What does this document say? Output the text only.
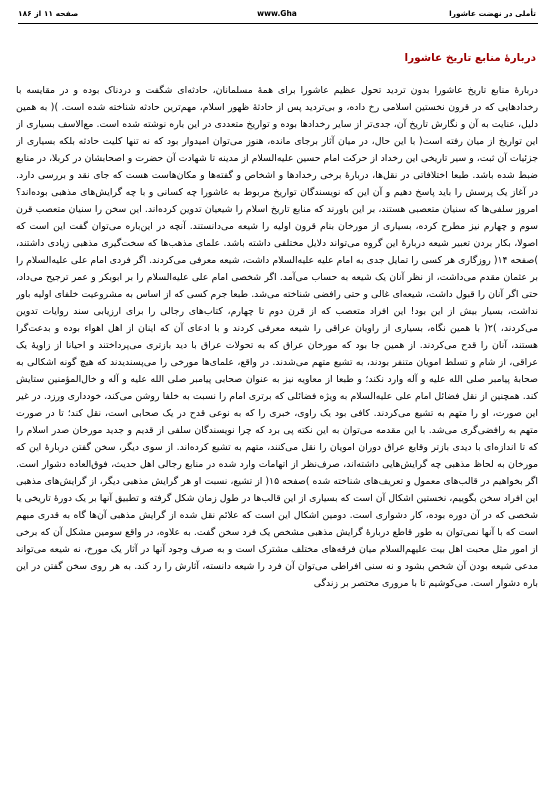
تأملی در نهضت عاشورا
www.Gha
صفحه ۱۱ از ۱۸۶
دربارۀ منابع تاریخ عاشورا

دربارۀ منابع تاریخ عاشورا بدون تردید تحول عظیم عاشورا برای همۀ مسلمانان، حادثه‌ای شگفت و دردناک بوده و در مقایسه با رخدادهایی که در قرون نخستین اسلامی رخ داده، و بی‌تردید پس از حادثۀ ظهور اسلام، مهم‌ترین حادثه شناخته شده است. )( به همین دلیل، عنایت به آن و نگارش تاریخ آن، جدی‌تر از سایر رخدادها بوده و تواریخ متعددی در این باره نوشته شده است. مع‌الاسف بسیاری از این تواریخ از میان رفته است( با این حال، در میان آثار برجای مانده، هنوز می‌توان امیدوار بود که نه تنها کلیت حادثه بلکه بسیاری از جزئیات آن ثبت، و سیر تاریخی این رخداد از حرکت امام حسین علیه‌السلام از مدینه تا شهادت آن حضرت و اصحابشان در کربلا، در منابع ضبط شده باشد. طبعا اختلافاتی در نقل‌ها، دربارۀ برخی رخدادها و اشخاص و گفته‌ها و مکان‌هاست هست که جای نقد و بررسی دارد. در آغاز یک پرسش را باید پاسخ دهیم و آن این که نویسندگان تواریخ مربوط به عاشورا چه کسانی و با چه گرایش‌های مذهبی بوده‌اند؟ امروز سلفی‌ها که سنیان متعصبی هستند، بر این باورند که منابع تاریخ اسلام را شیعیان تدوین کرده‌اند. این سخن را سنیان متعصب قرن سوم و چهارم نیز مطرح کرده، بسیاری از مورخان بنام قرون اولیه را شیعه می‌دانستند. آنچه در این‌باره می‌توان گفت این است که اصولا، بکار بردن تعبیر شیعه دربارۀ این گروه می‌تواند دلایل مختلفی داشته باشد. علمای مذهب‌ها که سخت‌گیری مذهبی زیادی داشتند، )صفحه ۱۴( روزگاری هر کسی را تمایل جدی به امام علیه علیه‌السلام داشت، شیعه معرفی می‌کردند. اگر فردی امام علی علیه‌السلام را بر عثمان مقدم می‌داشت، از نظر آنان یک شیعه به حساب می‌آمد. اگر شخصی امام علی علیه‌السلام را بر ابوبکر و عمر ترجیح می‌داد، حتی اگر آنان را قبول داشت، شیعه‌ای غالی و حتی رافضی شناخته می‌شد. طبعا جرم کسی که از اساس به مشروعیت خلفای اولیه باور نداشت، بسیار بیش از این بود! این افراد متعصب که از قرن دوم تا چهارم، کتاب‌های رجالی را برای ارزیابی سند روایات تدوین می‌کردند، )۲( با همین نگاه، بسیاری از راویان عراقی را شیعه معرفی کردند و با ادعای آن که اینان از اهل اهواء بوده و بدعت‌گرا هستند، آنان را قدح می‌کردند. از همین جا بود که مورخان عراق که به تحولات عراق با دید بازتری می‌پرداختند و احیانا از زاویۀ یک عراقی، از شام و تسلط امویان متنفر بودند، به تشیع متهم می‌شدند. در واقع، علمای‌ها مورخی را می‌پسندیدند که هیچ گونه اشکالی به صحابۀ پیامبر صلی الله علیه و آله وارد نکند؛ و طبعا از معاویه نیز به عنوان صحابی پیامبر صلی الله علیه و آله و خال‌المؤمنین ستایش کند. همچنین از نقل فضائل امام علی علیه‌السلام به ویژه فضائلی که برتری امام را نسبت به خلفا روشن می‌کند، خودداری ورزد. در غیر این صورت، او را متهم به تشیع می‌کردند. کافی بود یک راوی، خبری را که به نوعی قدح در یک صحابی است، نقل کند؛ تا در صورت متهم به رافضی‌گری می‌شد. با این مقدمه می‌توان به این نکته پی برد که چرا نویسندگان سلفی از قدیم و جدید مورخان صدر اسلام را که تا اندازه‌ای با دیدی بازتر وقایع عراق دوران امویان را نقل می‌کنند، متهم به تشیع کرده‌اند. از سوی دیگر، سخن گفتن دربارۀ این که مورخان به لحاظ مذهبی چه گرایش‌هایی داشته‌اند، صرف‌نظر از اتهامات وارد شده در منابع رجالی اهل حدیث، فوق‌العاده دشوار است. اگر بخواهیم در قالب‌های معمول و تعریف‌های شناخته شده )صفحه ۱۵( از تشیع، نسبت او هر گرایش مذهبی دیگر، از گرایش‌های مذهبی این افراد سخن بگوییم، نخستین اشکال آن است که بسیاری از این قالب‌ها در طول زمان شکل گرفته و تطبیق آنها بر یک دورۀ تاریخی یا شخصی که در آن دوره بوده، کار دشواری است. دومین اشکال این است که علائم نقل شده از گرایش مذهبی آن‌ها گاه به قدری مبهم است که با آنها نمی‌توان به طور قاطع دربارۀ گرایش مذهبی مشخص یک فرد سخن گفت. به علاوه، در واقع سومین مشکل آن که برخی از امور مثل محبت اهل بیت علیهم‌السلام میان فرقه‌های مختلف مشترک است و به صرف وجود آنها در آثار یک مورخ، نه شیعه می‌تواند مدعی شیعه بودن آن شخص بشود و نه سنی افراطی می‌توان آن فرد را شیعه دانسته، آثارش را رد کند. به هر روی سخن گفتن در این باره دشوار است. می‌کوشیم تا با مروری مختصر بر زندگی
